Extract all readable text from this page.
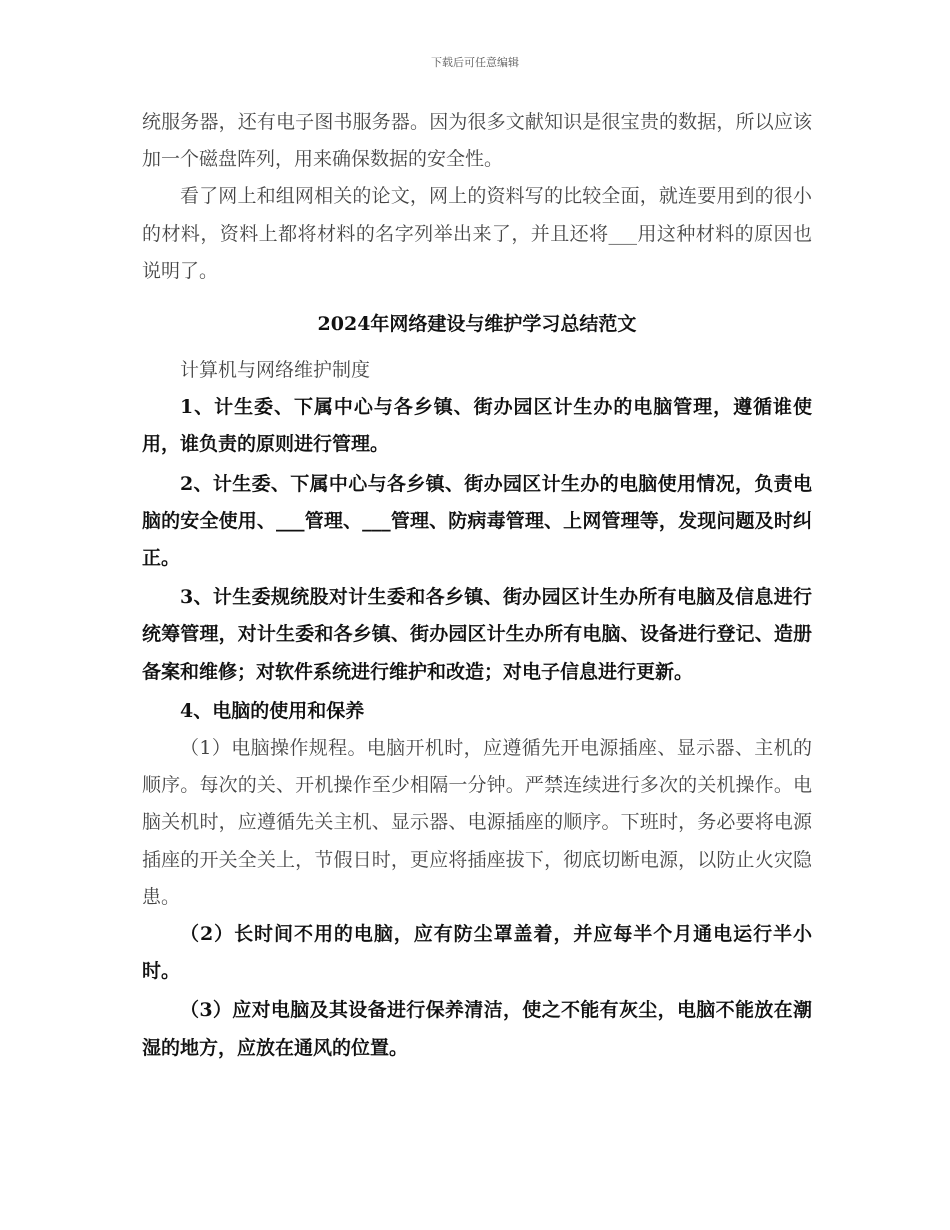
下载后可任意编辑

统服务器，还有电子图书服务器。因为很多文献知识是很宝贵的数据，所以应该加一个磁盘阵列，用来确保数据的安全性。

看了网上和组网相关的论文，网上的资料写的比较全面，就连要用到的很小的材料，资料上都将材料的名字列举出来了，并且还将___用这种材料的原因也说明了。

2024年网络建设与维护学习总结范文

计算机与网络维护制度

1、计生委、下属中心与各乡镇、街办园区计生办的电脑管理，遵循谁使用，谁负责的原则进行管理。

2、计生委、下属中心与各乡镇、街办园区计生办的电脑使用情况，负责电脑的安全使用、___管理、___管理、防病毒管理、上网管理等，发现问题及时纠正。

3、计生委规统股对计生委和各乡镇、街办园区计生办所有电脑及信息进行统筹管理，对计生委和各乡镇、街办园区计生办所有电脑、设备进行登记、造册备案和维修；对软件系统进行维护和改造；对电子信息进行更新。

4、电脑的使用和保养

（1）电脑操作规程。电脑开机时，应遵循先开电源插座、显示器、主机的顺序。每次的关、开机操作至少相隔一分钟。严禁连续进行多次的关机操作。电脑关机时，应遵循先关主机、显示器、电源插座的顺序。下班时，务必要将电源插座的开关全关上，节假日时，更应将插座拔下，彻底切断电源，以防止火灾隐患。

（2）长时间不用的电脑，应有防尘罩盖着，并应每半个月通电运行半小时。

（3）应对电脑及其设备进行保养清洁，使之不能有灰尘，电脑不能放在潮湿的地方，应放在通风的位置。
